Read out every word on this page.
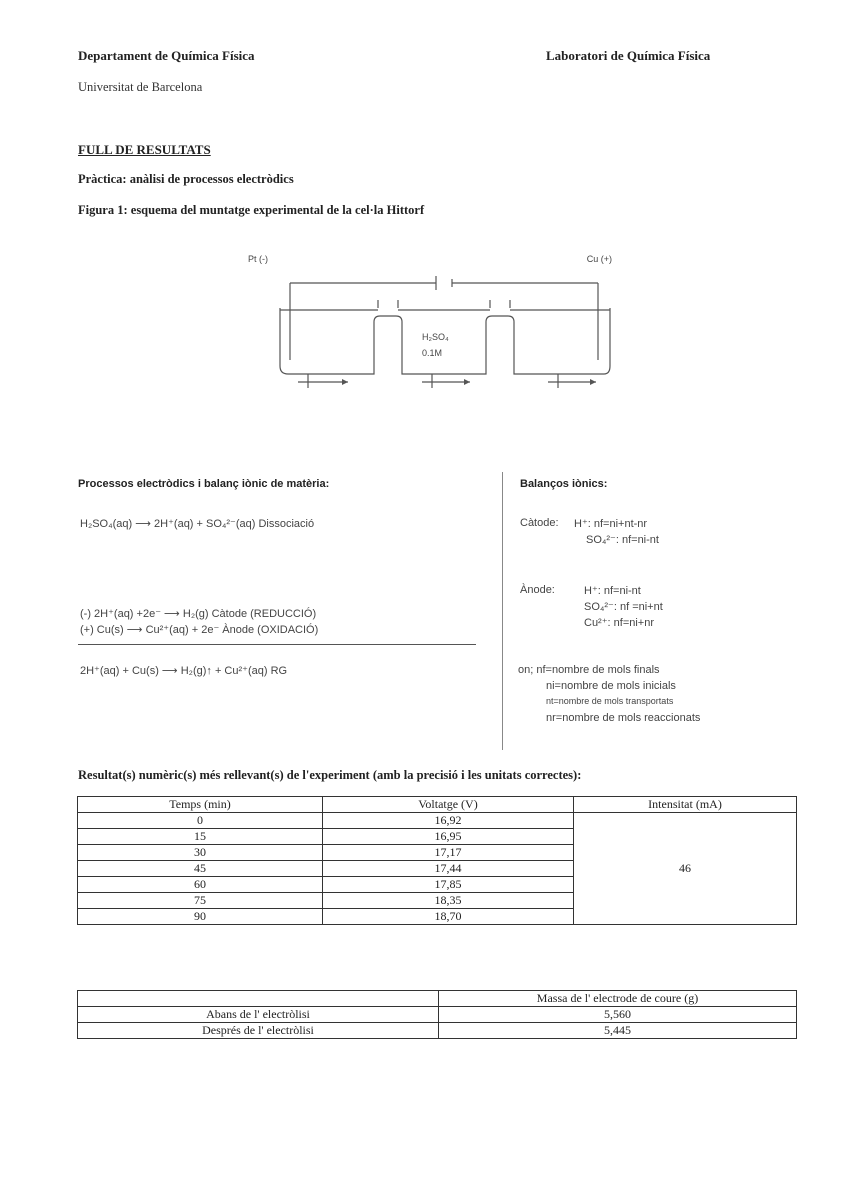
Departament de Química Física	Laboratori de Química Física
Universitat de Barcelona
FULL DE RESULTATS
Pràctica: anàlisi de processos electròdics
Figura 1: esquema del muntatge experimental de la cel·la Hittorf
Pt (-)	Cu (+)
H₂SO₄
0.1M
Processos electròdics i balanç iònic de matèria:
H₂SO₄(aq) ⟶ 2H⁺(aq) + SO₄²⁻(aq) Dissociació
(-) 2H⁺(aq) +2e⁻ ⟶ H₂(g) Càtode (REDUCCIÓ)
(+) Cu(s) ⟶ Cu²⁺(aq) + 2e⁻ Ànode (OXIDACIÓ)
2H⁺(aq) + Cu(s) ⟶ H₂(g)↑ + Cu²⁺(aq) RG
Balanços iònics:
Càtode: H⁺: nf=ni+nt-nr
SO₄²⁻: nf=ni-nt
Ànode:	H⁺: nf=ni-nt
SO₄²⁻: nf =ni+nt
Cu²⁺: nf=ni+nr
on; nf=nombre de mols finals
ni=nombre de mols inicials
nt=nombre de mols transportats
nr=nombre de mols reaccionats
Resultat(s) numèric(s) més rellevant(s) de l'experiment (amb la precisió i les unitats correctes):
Temps (min)	Voltatge (V)	Intensitat (mA)
0	16,92	46
15	16,95	
30	17,17	
45	17,44	
60	17,85	
75	18,35	
90	18,70	
	Massa de l' electrode de coure (g)
Abans de l' electròlisi	5,560
Després de l' electròlisi	5,445
